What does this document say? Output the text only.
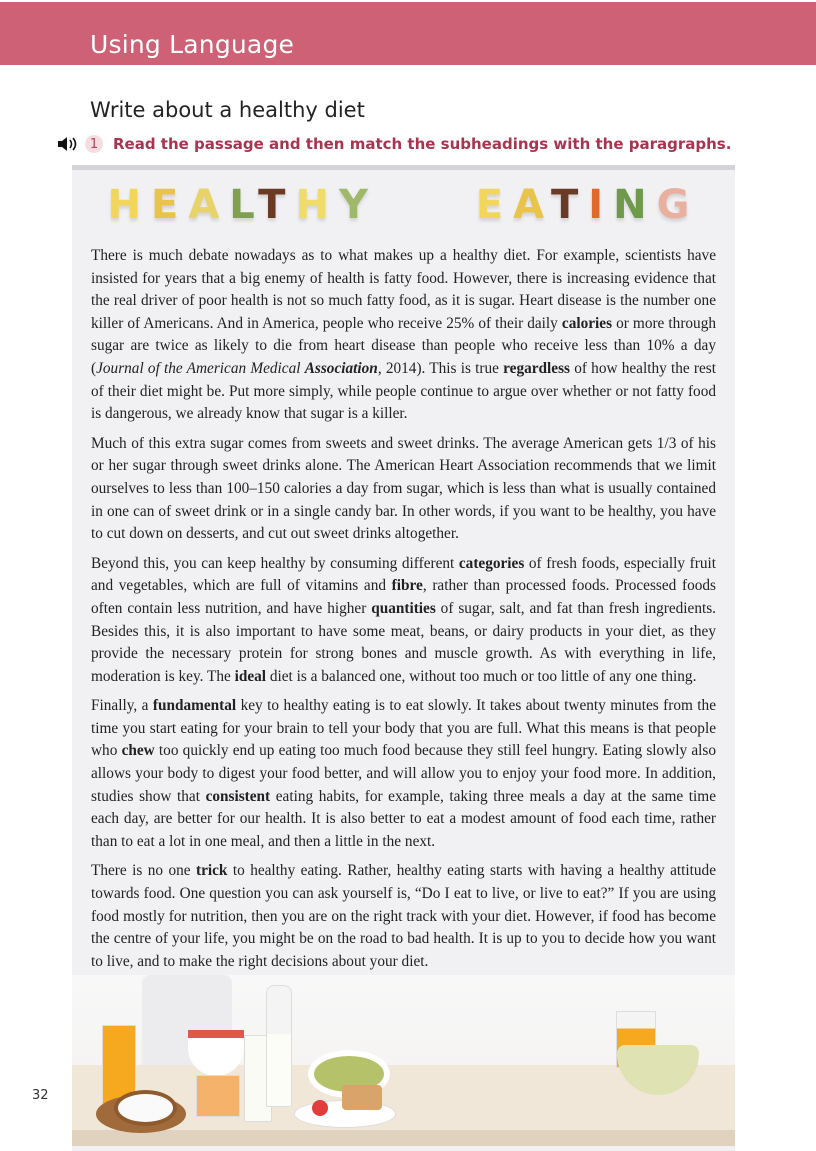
Using Language
Write about a healthy diet
1 Read the passage and then match the subheadings with the paragraphs.
HEALTHY EATING

There is much debate nowadays as to what makes up a healthy diet. For example, scientists have insisted for years that a big enemy of health is fatty food. However, there is increasing evidence that the real driver of poor health is not so much fatty food, as it is sugar. Heart disease is the number one killer of Americans. And in America, people who receive 25% of their daily calories or more through sugar are twice as likely to die from heart disease than people who receive less than 10% a day (Journal of the American Medical Association, 2014). This is true regardless of how healthy the rest of their diet might be. Put more simply, while people continue to argue over whether or not fatty food is dangerous, we already know that sugar is a killer.

Much of this extra sugar comes from sweets and sweet drinks. The average American gets 1/3 of his or her sugar through sweet drinks alone. The American Heart Association recommends that we limit ourselves to less than 100–150 calories a day from sugar, which is less than what is usually contained in one can of sweet drink or in a single candy bar. In other words, if you want to be healthy, you have to cut down on desserts, and cut out sweet drinks altogether.

Beyond this, you can keep healthy by consuming different categories of fresh foods, especially fruit and vegetables, which are full of vitamins and fibre, rather than processed foods. Processed foods often contain less nutrition, and have higher quantities of sugar, salt, and fat than fresh ingredients. Besides this, it is also important to have some meat, beans, or dairy products in your diet, as they provide the necessary protein for strong bones and muscle growth. As with everything in life, moderation is key. The ideal diet is a balanced one, without too much or too little of any one thing.

Finally, a fundamental key to healthy eating is to eat slowly. It takes about twenty minutes from the time you start eating for your brain to tell your body that you are full. What this means is that people who chew too quickly end up eating too much food because they still feel hungry. Eating slowly also allows your body to digest your food better, and will allow you to enjoy your food more. In addition, studies show that consistent eating habits, for example, taking three meals a day at the same time each day, are better for our health. It is also better to eat a modest amount of food each time, rather than to eat a lot in one meal, and then a little in the next.

There is no one trick to healthy eating. Rather, healthy eating starts with having a healthy attitude towards food. One question you can ask yourself is, “Do I eat to live, or live to eat?” If you are using food mostly for nutrition, then you are on the right track with your diet. However, if food has become the centre of your life, you might be on the road to bad health. It is up to you to decide how you want to live, and to make the right decisions about your diet.

32
